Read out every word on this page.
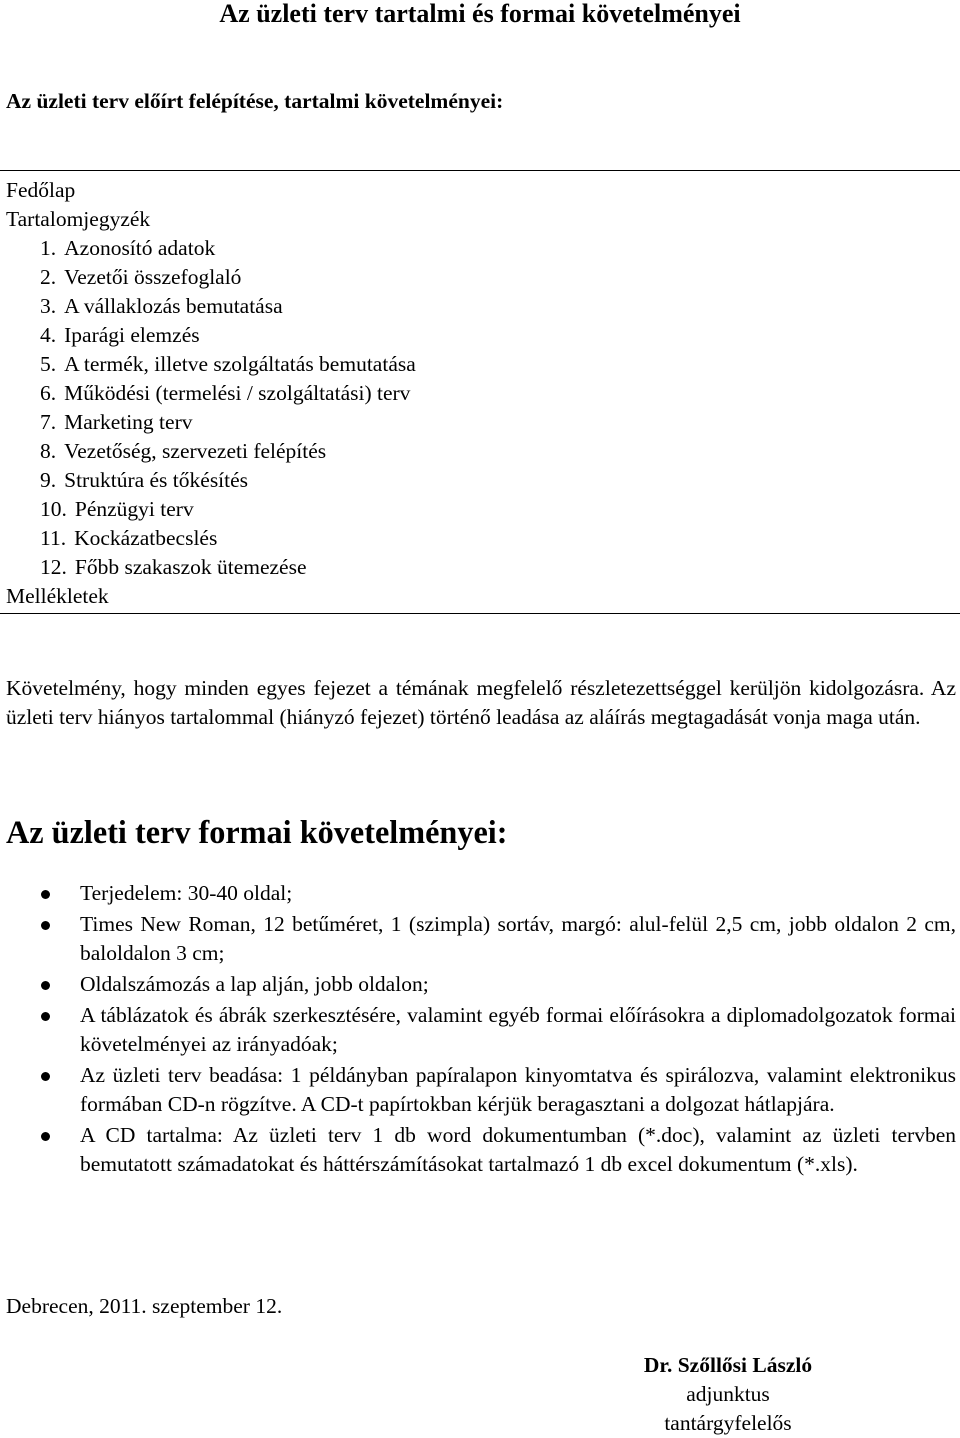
Az üzleti terv tartalmi és formai követelményei
Az üzleti terv előírt felépítése, tartalmi követelményei:
Fedőlap
Tartalomjegyzék
1. Azonosító adatok
2. Vezetői összefoglaló
3. A vállaklozás bemutatása
4. Iparági elemzés
5. A termék, illetve szolgáltatás bemutatása
6. Működési (termelési / szolgáltatási) terv
7. Marketing terv
8. Vezetőség, szervezeti felépítés
9. Struktúra és tőkésítés
10. Pénzügyi terv
11. Kockázatbecslés
12. Főbb szakaszok ütemezése
Mellékletek

Követelmény, hogy minden egyes fejezet a témának megfelelő részletezettséggel kerüljön kidolgozásra. Az üzleti terv hiányos tartalommal (hiányzó fejezet) történő leadása az aláírás megtagadását vonja maga után.

Az üzleti terv formai követelményei:
Terjedelem: 30-40 oldal;
Times New Roman, 12 betűméret, 1 (szimpla) sortáv, margó: alul-felül 2,5 cm, jobb oldalon 2 cm, baloldalon 3 cm;
Oldalszámozás a lap alján, jobb oldalon;
A táblázatok és ábrák szerkesztésére, valamint egyéb formai előírásokra a diplomadolgozatok formai követelményei az irányadóak;
Az üzleti terv beadása: 1 példányban papíralapon kinyomtatva és spirálozva, valamint elektronikus formában CD-n rögzítve. A CD-t papírtokban kérjük beragasztani a dolgozat hátlapjára.
A CD tartalma: Az üzleti terv 1 db word dokumentumban (*.doc), valamint az üzleti tervben bemutatott számadatokat és háttérszámításokat tartalmazó 1 db excel dokumentum (*.xls).

Debrecen, 2011. szeptember 12.

Dr. Szőllősi László
adjunktus
tantárgyfelelős
